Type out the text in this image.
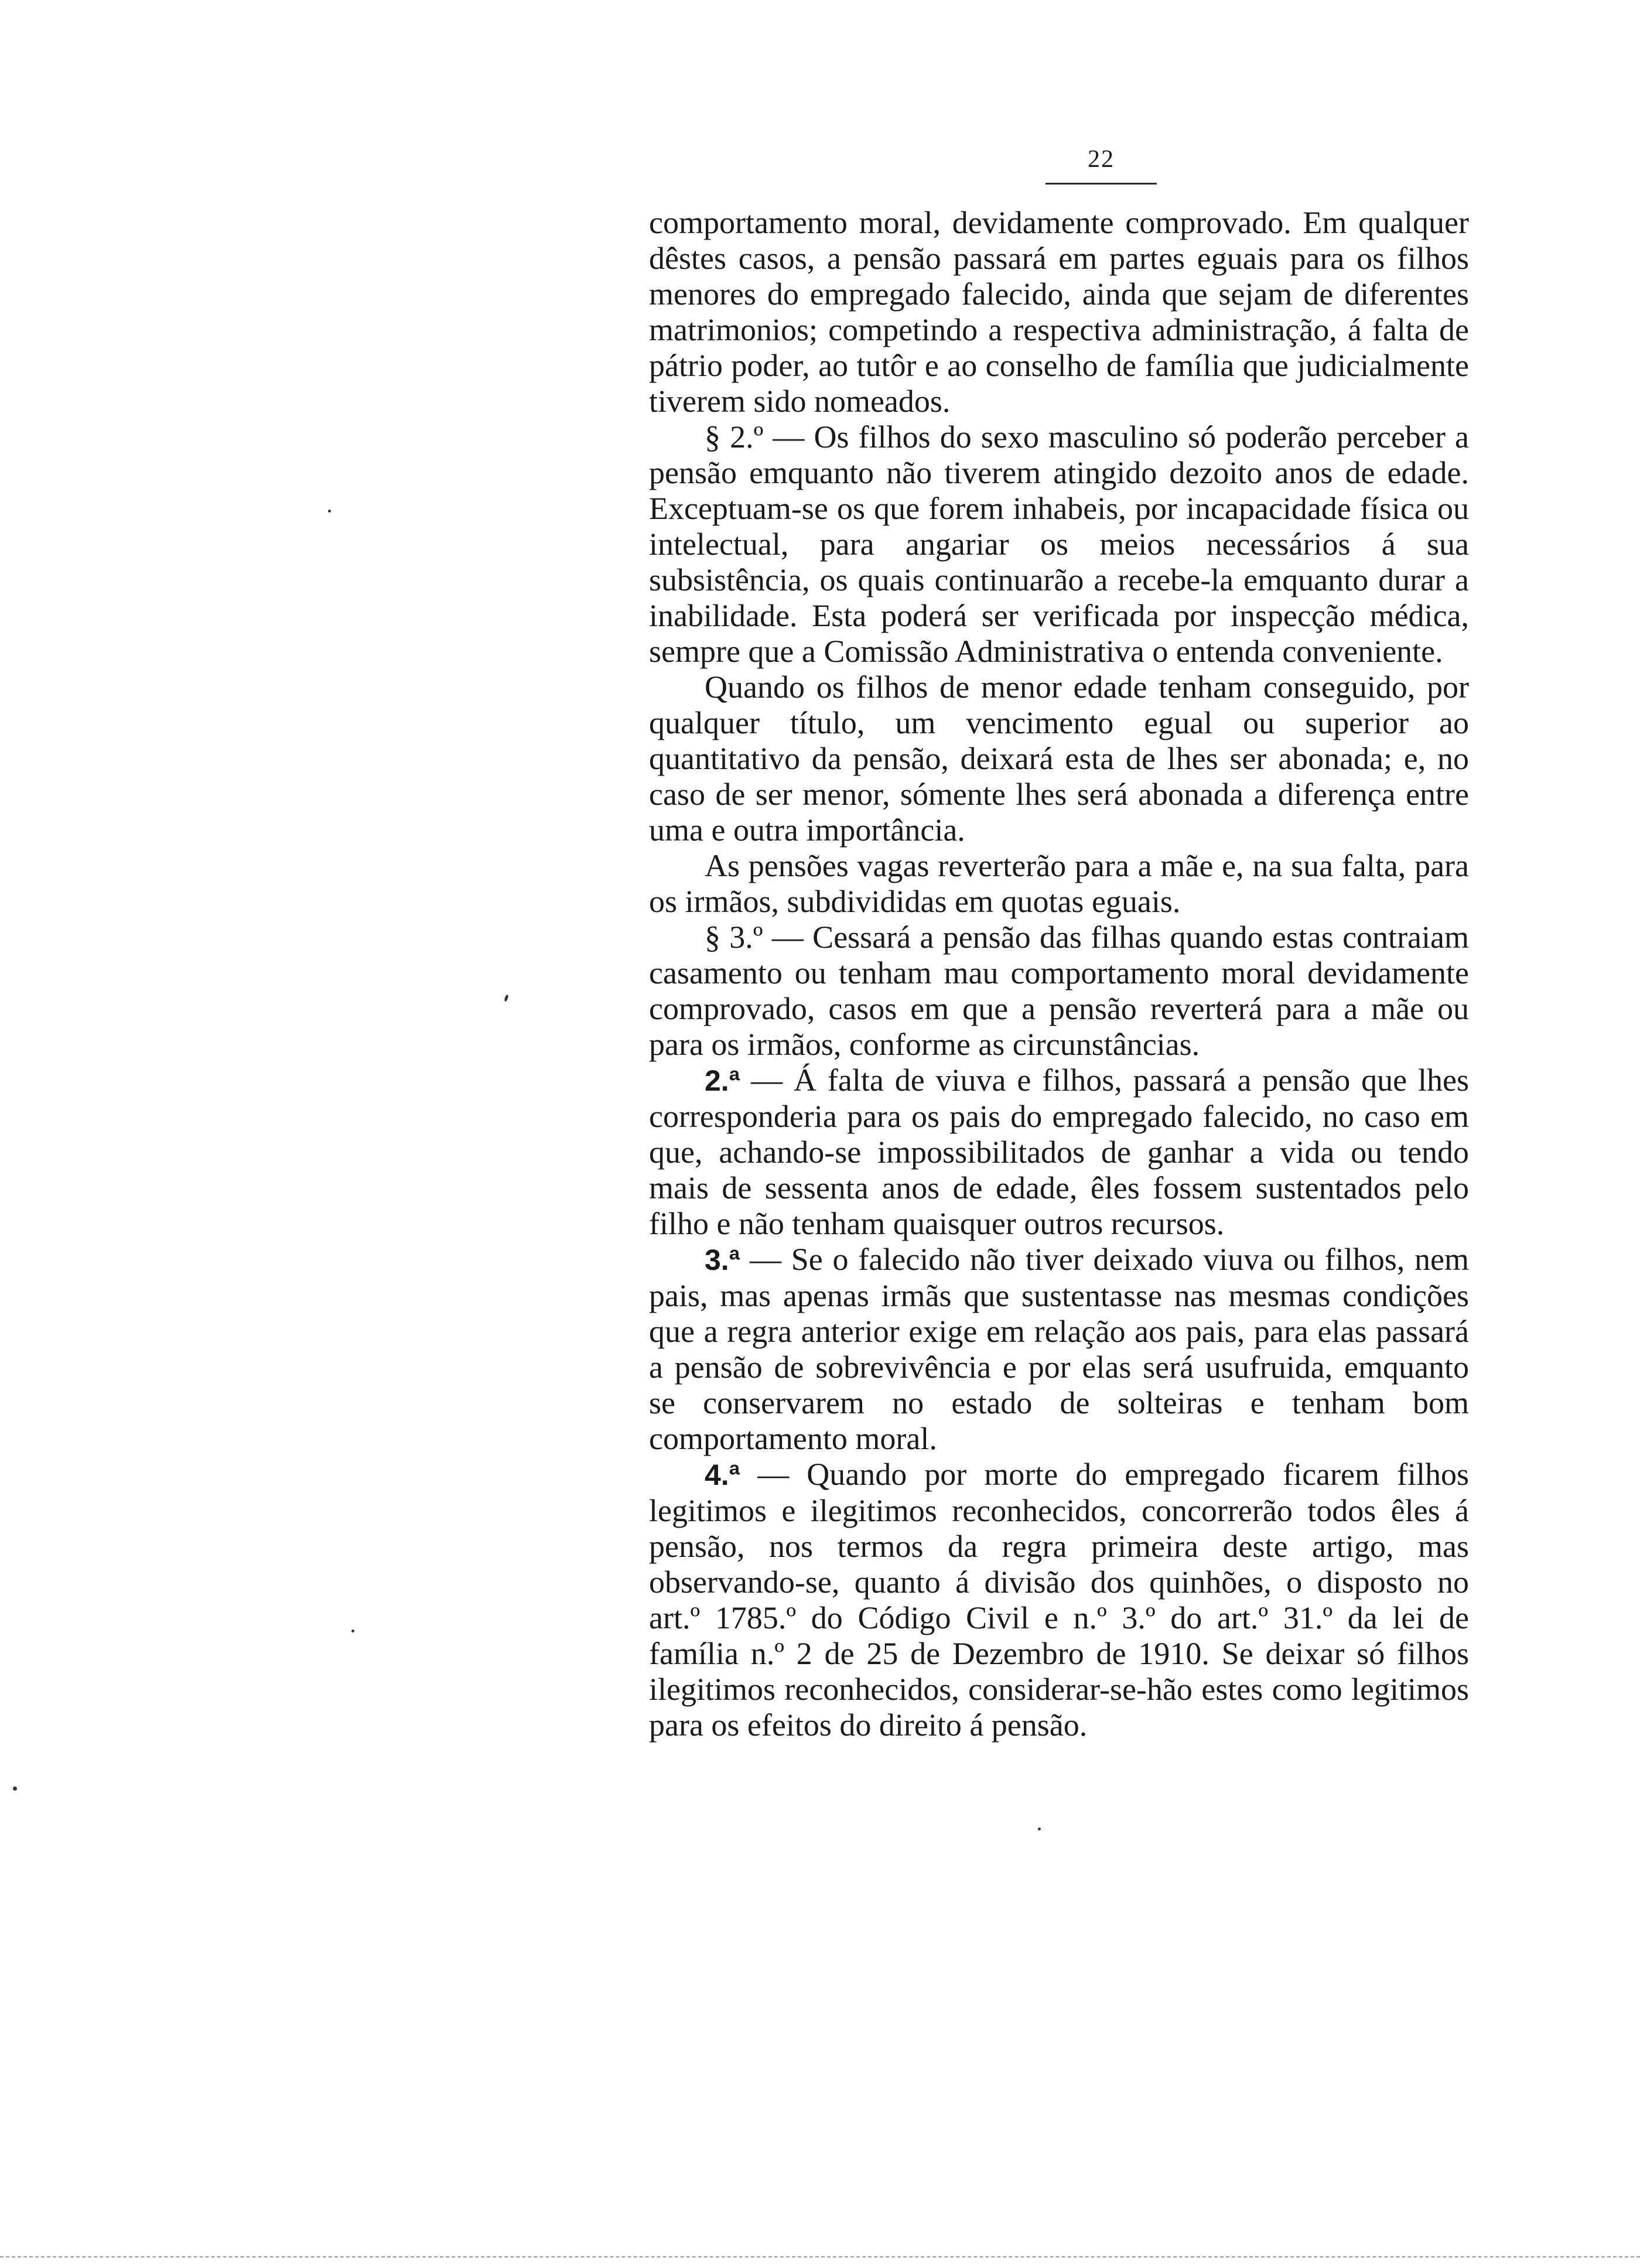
22

comportamento moral, devidamente comprovado. Em qualquer dêstes casos, a pensão passará em partes eguais para os filhos menores do empregado falecido, ainda que sejam de diferentes matrimonios; competindo a respectiva administração, á falta de pátrio poder, ao tutôr e ao conselho de família que judicialmente tiverem sido nomeados.

§ 2.º — Os filhos do sexo masculino só poderão perceber a pensão emquanto não tiverem atingido dezoito anos de edade. Exceptuam-se os que forem inhabeis, por incapacidade física ou intelectual, para angariar os meios necessários á sua subsistência, os quais continuarão a recebe-la emquanto durar a inabilidade. Esta poderá ser verificada por inspecção médica, sempre que a Comissão Administrativa o entenda conveniente.

Quando os filhos de menor edade tenham conseguido, por qualquer título, um vencimento egual ou superior ao quantitativo da pensão, deixará esta de lhes ser abonada; e, no caso de ser menor, sómente lhes será abonada a diferença entre uma e outra importância.

As pensões vagas reverterão para a mãe e, na sua falta, para os irmãos, subdivididas em quotas eguais.

§ 3.º — Cessará a pensão das filhas quando estas contraiam casamento ou tenham mau comportamento moral devidamente comprovado, casos em que a pensão reverterá para a mãe ou para os irmãos, conforme as circunstâncias.

2.ª — Á falta de viuva e filhos, passará a pensão que lhes corresponderia para os pais do empregado falecido, no caso em que, achando-se impossibilitados de ganhar a vida ou tendo mais de sessenta anos de edade, êles fossem sustentados pelo filho e não tenham quaisquer outros recursos.

3.ª — Se o falecido não tiver deixado viuva ou filhos, nem pais, mas apenas irmãs que sustentasse nas mesmas condições que a regra anterior exige em relação aos pais, para elas passará a pensão de sobrevivência e por elas será usufruida, emquanto se conservarem no estado de solteiras e tenham bom comportamento moral.

4.ª — Quando por morte do empregado ficarem filhos legitimos e ilegitimos reconhecidos, concorrerão todos êles á pensão, nos termos da regra primeira deste artigo, mas observando-se, quanto á divisão dos quinhões, o disposto no art.º 1785.º do Código Civil e n.º 3.º do art.º 31.º da lei de família n.º 2 de 25 de Dezembro de 1910. Se deixar só filhos ilegitimos reconhecidos, considerar-se-hão estes como legitimos para os efeitos do direito á pensão.
